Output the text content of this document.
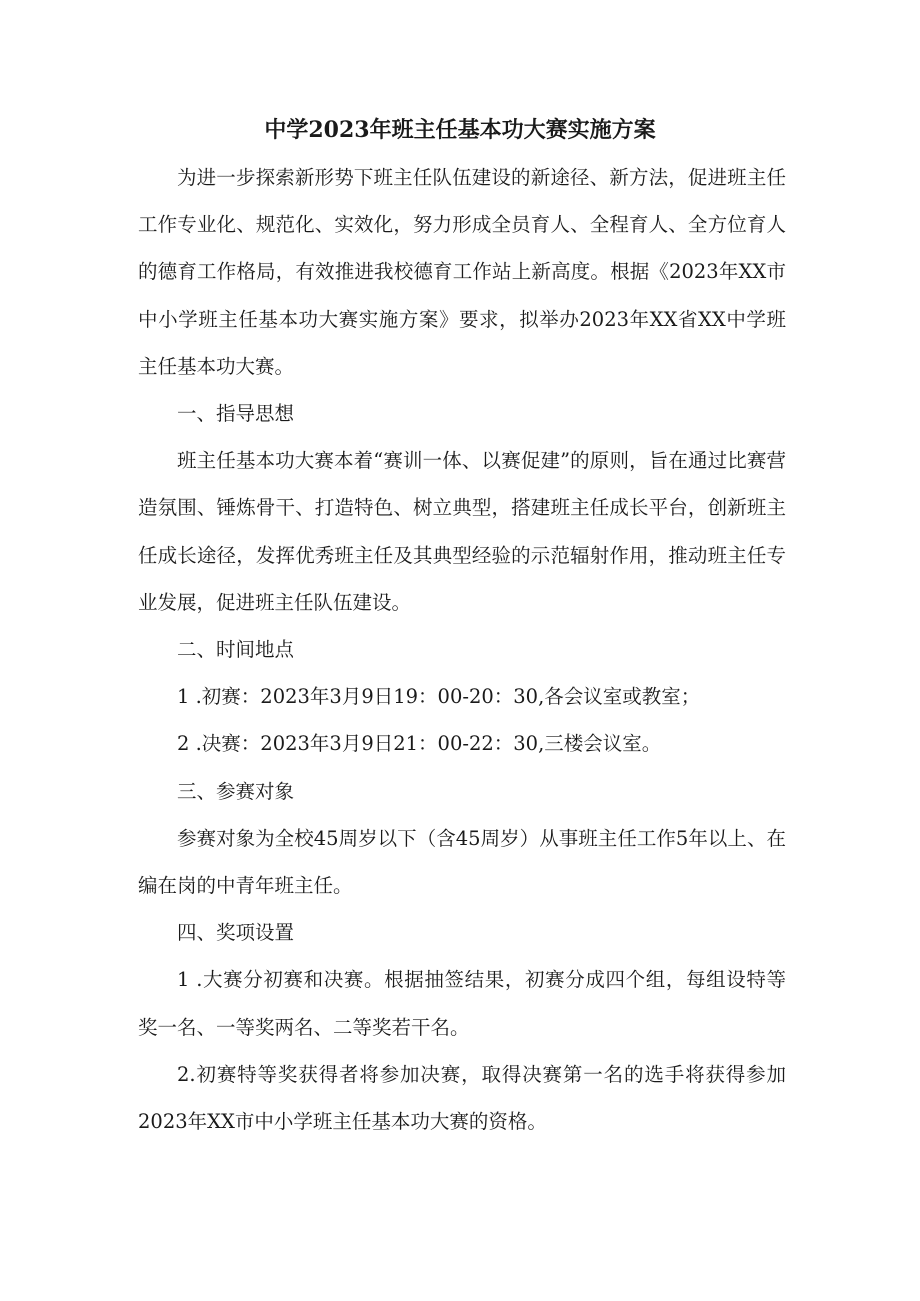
中学2023年班主任基本功大赛实施方案

为进一步探索新形势下班主任队伍建设的新途径、新方法，促进班主任工作专业化、规范化、实效化，努力形成全员育人、全程育人、全方位育人的德育工作格局，有效推进我校德育工作站上新高度。根据《2023年XX市中小学班主任基本功大赛实施方案》要求，拟举办2023年XX省XX中学班主任基本功大赛。

一、指导思想

班主任基本功大赛本着“赛训一体、以赛促建”的原则，旨在通过比赛营造氛围、锤炼骨干、打造特色、树立典型，搭建班主任成长平台，创新班主任成长途径，发挥优秀班主任及其典型经验的示范辐射作用，推动班主任专业发展，促进班主任队伍建设。

二、时间地点

1 .初赛：2023年3月9日19：00-20：30,各会议室或教室；

2 .决赛：2023年3月9日21：00-22：30,三楼会议室。

三、参赛对象

参赛对象为全校45周岁以下（含45周岁）从事班主任工作5年以上、在编在岗的中青年班主任。

四、奖项设置

1 .大赛分初赛和决赛。根据抽签结果，初赛分成四个组，每组设特等奖一名、一等奖两名、二等奖若干名。

2.初赛特等奖获得者将参加决赛，取得决赛第一名的选手将获得参加2023年XX市中小学班主任基本功大赛的资格。
